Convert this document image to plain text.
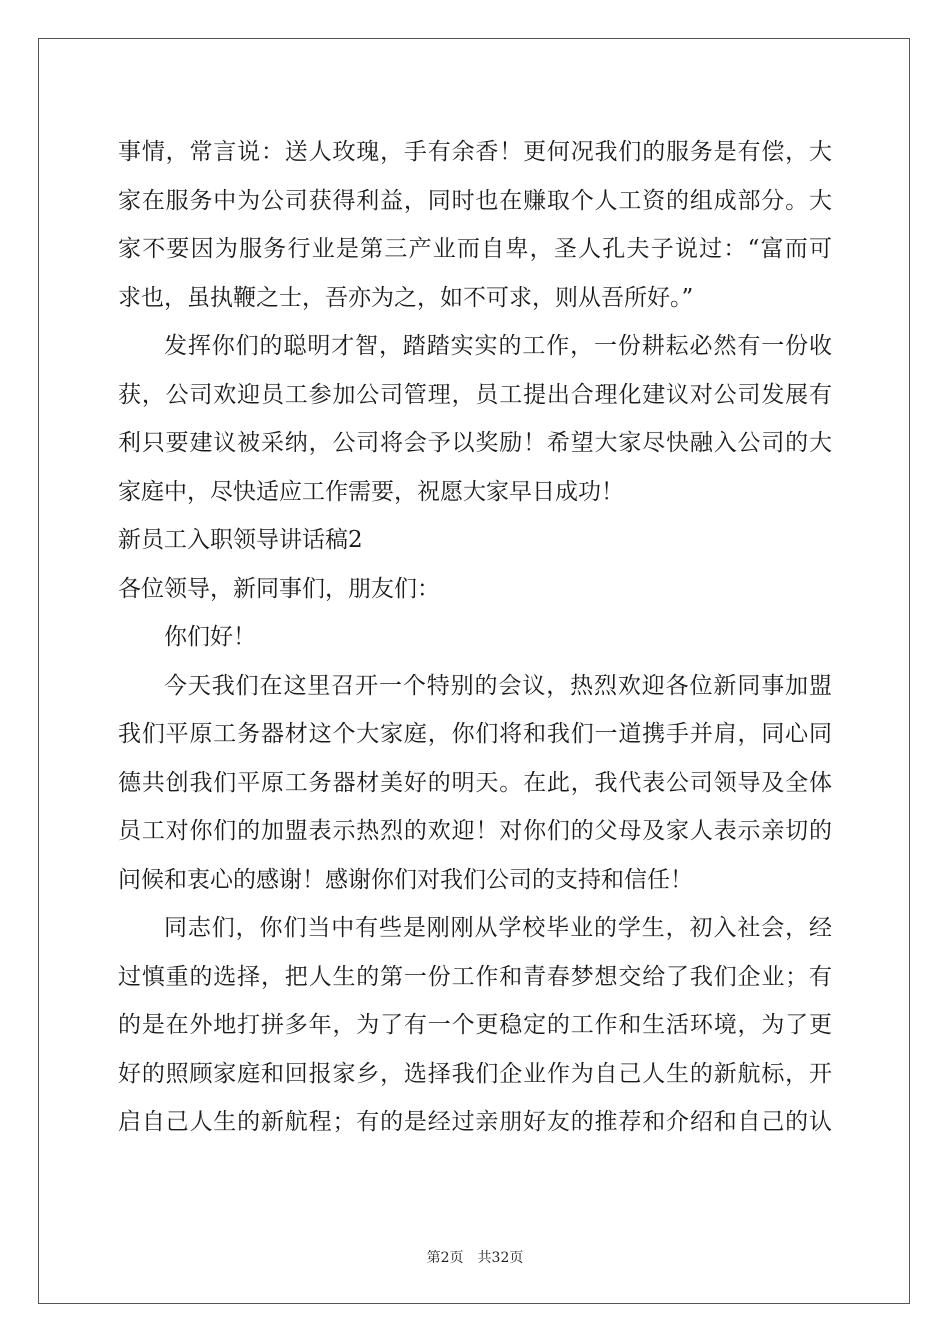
事情，常言说：送人玫瑰，手有余香！更何况我们的服务是有偿，大
家在服务中为公司获得利益，同时也在赚取个人工资的组成部分。大
家不要因为服务行业是第三产业而自卑，圣人孔夫子说过：“富而可
求也，虽执鞭之士，吾亦为之，如不可求，则从吾所好。”
发挥你们的聪明才智，踏踏实实的工作，一份耕耘必然有一份收
获，公司欢迎员工参加公司管理，员工提出合理化建议对公司发展有
利只要建议被采纳，公司将会予以奖励！希望大家尽快融入公司的大
家庭中，尽快适应工作需要，祝愿大家早日成功！
新员工入职领导讲话稿2
各位领导，新同事们，朋友们：
你们好！
今天我们在这里召开一个特别的会议，热烈欢迎各位新同事加盟
我们平原工务器材这个大家庭，你们将和我们一道携手并肩，同心同
德共创我们平原工务器材美好的明天。在此，我代表公司领导及全体
员工对你们的加盟表示热烈的欢迎！对你们的父母及家人表示亲切的
问候和衷心的感谢！感谢你们对我们公司的支持和信任！
同志们，你们当中有些是刚刚从学校毕业的学生，初入社会，经
过慎重的选择，把人生的第一份工作和青春梦想交给了我们企业；有
的是在外地打拼多年，为了有一个更稳定的工作和生活环境，为了更
好的照顾家庭和回报家乡，选择我们企业作为自己人生的新航标，开
启自己人生的新航程；有的是经过亲朋好友的推荐和介绍和自己的认
第2页 共32页
